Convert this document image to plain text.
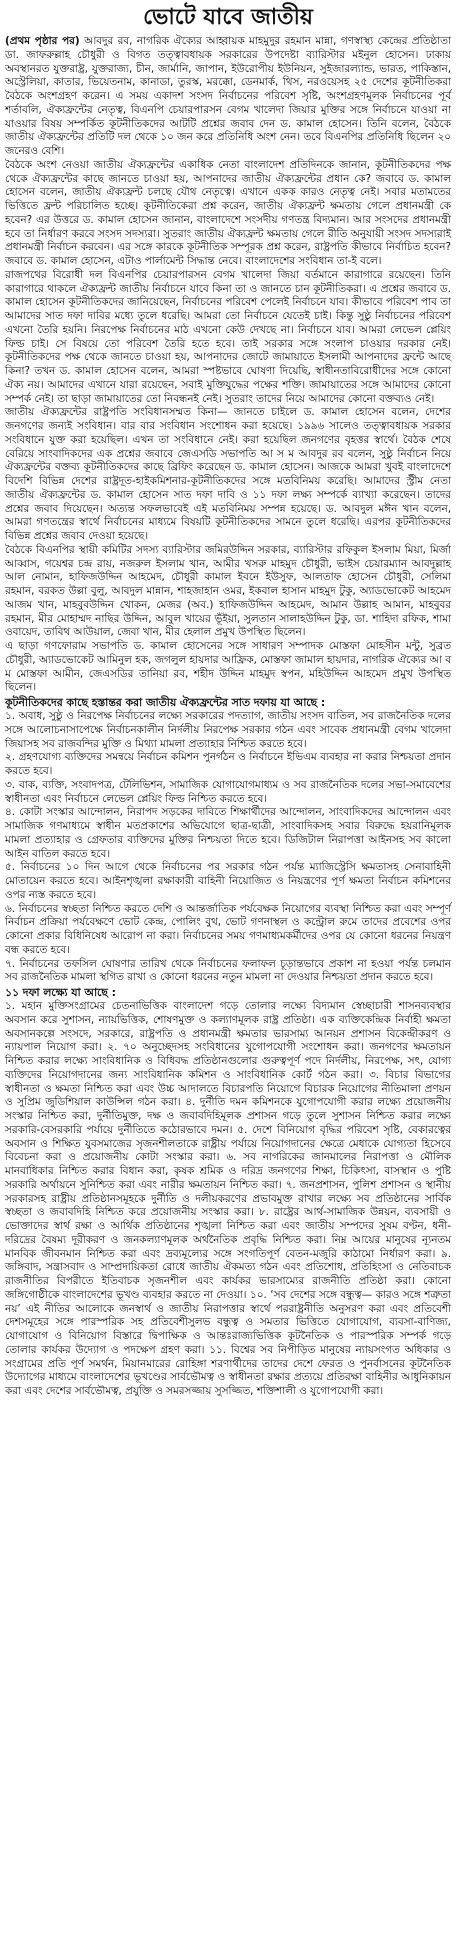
ভোটে যাবে জাতীয়

(প্রথম পৃষ্ঠার পর) আবদুর রব, নাগরিক ঐক্যের আহ্বায়ক মাহমুদুর রহমান মান্না, গণস্বাস্থ্য কেন্দ্রের প্রতিষ্ঠাতা ডা. জাফরুল্লাহ চৌধুরী ও বিগত তত্ত্বাবধায়ক সরকারের উপদেষ্টা ব্যারিস্টার মইনুল হোসেন। ঢাকায় অবস্থানরত যুক্তরাষ্ট্র, যুক্তরাজ্য, চীন, জার্মানি, জাপান, ইউরোপীয় ইউনিয়ন, সুইজারল্যান্ড, ভারত, পাকিস্তান, অস্ট্রেলিয়া, কাতার, ভিয়েতনাম, কানাডা, তুরস্ক, মরক্কো, ডেনমার্ক, থিস, নরওয়েসহ ২৫ দেশের কূটনীতিকরা বৈঠকে অংশগ্রহণ করেন। এ সময় একাদশ সংসদ নির্বাচনের পরিবেশ সৃষ্টি, অংশগ্রহণমূলক নির্বাচনের পূর্ব শর্তাবলি, ঐক্যফ্রন্টের নেতৃত্ব, বিএনপি চেয়ারপারসন বেগম খালেদা জিয়ার মুক্তির সঙ্গে নির্বাচনে যাওয়া না যাওয়ার বিষয় সম্পর্কিত কূটনীতিকদের আটটি প্রশ্নের জবাব দেন ড. কামাল হোসেন। তিনি বলেন, বৈঠকে জাতীয় ঐক্যফ্রন্টের প্রতিটি দল থেকে ১০ জন করে প্রতিনিধি অংশ নেন। তবে বিএনপির প্রতিনিধি ছিলেন ২০ জনেরও বেশি।

বৈঠকে অংশ নেওয়া জাতীয় ঐক্যফ্রন্টের একাধিক নেতা বাংলাদেশ প্রতিদিনকে জানান, কূটনীতিকদের পক্ষ থেকে ঐক্যফ্রন্টের কাছে জানতে চাওয়া হয়, আপনাদের জাতীয় ঐক্যফ্রন্টের প্রধান কে? জবাবে ড. কামাল হোসেন বলেন, জাতীয় ঐক্যফ্রন্ট চলছে যৌথ নেতৃত্বে। এখানে একক কারও নেতৃত্ব নেই। সবার মতামতের ভিত্তিতে ফ্রন্ট পরিচালিত হচ্ছে। কূটনীতিকেরা প্রশ্ন করেন, জাতীয় ঐক্যফ্রন্ট ক্ষমতায় গেলে প্রধানমন্ত্রী কে হবেন? এর উত্তরে ড. কামাল হোসেন জানান, বাংলাদেশে সংসদীয় গণতন্ত্র বিদ্যমান। আর সংসদের প্রধানমন্ত্রী হবে তা নির্ধারণ করবে সংসদ সদস্যরা। সুতরাং জাতীয় ঐক্যফ্রন্ট ক্ষমতায় গেলে রীতি অনুযায়ী সংসদ সদস্যরাই প্রধানমন্ত্রী নির্বাচন করবেন। এর সঙ্গে কারকে কূটনীতিক সম্পূরক প্রশ্ন করেন, রাষ্ট্রপতি কীভাবে নির্বাচিত হবেন? জবাবে ড. কামাল হোসেন, এটাও পার্লামেন্ট সিদ্ধান্ত নেবে। বাংলাদেশের সংবিধান তা-ই বলে।

রাজপথের বিরোধী দল বিএনপির চেয়ারপারসন বেগম খালেদা জিয়া বর্তমানে কারাগারে রয়েছেন। তিনি কারাগারে থাকলে ঐক্যফ্রন্ট জাতীয় নির্বাচনে যাবে কিনা তা ও জানতে চান কূটনীতিকরা। এ প্রশ্নের জবাবে ড. কামাল হোসেন কূটনীতিকদের জানিয়েছেন, নির্বাচনের পরিবেশ পেলেই নির্বাচনে যাব। কীভাবে পরিবেশ পাব তা আমাদের সাত দফা দাবির মধ্যে তুলে ধরেছি। আমরা তো নির্বাচনে যেতেই চাই। কিন্তু সুষ্ঠু নির্বাচনের পরিবেশ এখনো তৈরি হয়নি। নিরপেক্ষ নির্বাচনের মাঠ এখনো কেউ দেখছে না। নির্বাচনে যাব। আমরা লেভেল প্লেয়িং ফিল্ড চাই। সে বিষয়ে তো পরিবেশ তৈরি হতে হবে। তাই সরকার সঙ্গে সংলাপ চাওয়ার দরকার নেই। কূটনীতিকদের পক্ষ থেকে জানতে চাওয়া হয়, আপনাদের জোটে জামায়াতে ইসলামী আপনাদের ফ্রন্টে আছে কিনা? তখন ড. কামাল হোসেন বলেন, আমরা স্পষ্টভাবে ঘোষণা দিয়েছি, স্বাধীনতাবিরোধীদের সঙ্গে কোনো ঐক্য নয়। আমাদের এখানে যারা রয়েছেন, সবাই মুক্তিযুদ্ধের পক্ষের শক্তি। জামায়াতের সঙ্গে আমাদের কোনো সম্পর্ক নেই। তা ছাড়া জামায়াতের তো নিবন্ধনই নেই। সুতরাং তাদের নিয়ে আমাদের কোনো বক্তব্যও নেই।

জাতীয় ঐক্যফ্রন্টের রাষ্ট্রপতি সংবিধানসম্মত কিনা— জানতে চাইলে ড. কামাল হোসেন বলেন, দেশের জনগণের জন্যই সংবিধান। বার বার সংবিধান সংশোধন করা হয়েছে। ১৯৯৬ সালেও তত্ত্বাবধায়ক সরকার সংবিধানে যুক্ত করা হয়েছিল। এখন তা সংবিধানে নেই। করা হয়েছিল জনগণের বৃহত্তর স্বার্থে। বৈঠক শেষে বেরিয়ে সাংবাদিকদের এক প্রশ্নের জবাবে জেএসডি সভাপতি আ স ম আবদুর রব বলেন, সুষ্ঠু নির্বাচন নিয়ে ঐক্যফ্রন্টের বক্তব্য কূটনীতিকদের কাছে ব্রিফিং করেছেন ড. কামাল হোসেন। আজকে আমরা খুবই বাংলাদেশে বিদেশি বিভিন্ন দেশের রাষ্ট্রদূত-হাইকমিশনার-কূটনীতিকদের সঙ্গে মতবিনিময় করেছি। আমাদের স্ট্রীম নেতা জাতীয় ঐক্যফ্রন্টের ড. কামাল হোসেন সাত দফা দাবি ও ১১ দফা লক্ষ্য সম্পর্কে ব্যাখ্যা করেছেন। তাদের প্রশ্নের জবাব দিয়েছেন। অত্যন্ত সফলভাবেই এই মতবিনিময় সম্পন্ন হয়েছে। ড. আবদুল মঈন খান বলেন, আমরা গণতন্ত্রের স্বার্থে নির্বাচনের মাধ্যমে বিষয়টি কূটনীতিকদের সামনে তুলে ধরেছি। এরপর কূটনীতিকদের বিভিন্ন প্রশ্নের জবাব দেওয়া হয়েছে।

বৈঠকে বিএনপির স্থায়ী কমিটির সদস্য ব্যারিস্টার জমিরউদ্দিন সরকার, ব্যারিস্টার রফিকুল ইসলাম মিয়া, মির্জা আব্বাস, গয়েশ্বর চন্দ্র রায়, নজরুল ইসলাম খান, আমীর খসরু মাহমুদ চৌধুরী, ভাইস চেয়ারম্যান আবদুল্লাহ আল নোমান, হাফিজউদ্দিন আহমেদ, চৌধুরী কামাল ইবনে ইউসুফ, আলতাফ হোসেন চৌধুরী, সেলিমা রহমান, বরকত উল্লা বুলু, আবদুল মান্নান, শাহজাহান ওমর, ইকবাল হাসান মাহমুদ টুকু, অ্যাডভোকেট আহমেদ আজম খান, মাহবুবউদ্দিন খোকন, মেজর (অব.) হাফিজউদ্দিন আহমেদ, আমান উল্লাহ আমান, মাহবুবর রহমান, মীর মোহাম্মদ নাছির উদ্দিন, আবুল খায়ের ভূঁইয়া, সুলতান সালাহউদ্দিন টুকু, ডা. শাহিদা রফিক, শামা ওবায়েদ, তাবিথ আউয়াল, জেবা খান, মীর হেলাল প্রমুখ উপস্থিত ছিলেন।

এ ছাড়া গণফোরাম সভাপতি ড. কামাল হোসেনের সঙ্গে সাধারণ সম্পাদক মোস্তফা মোহসীন মন্টু, সুব্রত চৌধুরী, অ্যাডভোকেট আমিনুল হক, জগলুল হায়দার আফ্রিক, মোস্তফা জামাল হায়দার, নাগরিক ঐক্যের আ ব ম মোস্তফা আমীন, জেএসডির তানিয়া রব, শহীদ উদ্দিন মাহমুদ স্বপন, মহিউদ্দিন আহমেদ প্রমুখ উপস্থিত ছিলেন।

কূটনীতিকদের কাছে হস্তান্তর করা জাতীয় ঐক্যফ্রন্টের সাত দফায় যা আছে :

১. অবাধ, সুষ্ঠু ও নিরপেক্ষ নির্বাচনের লক্ষ্যে সরকারের পদত্যাগ, জাতীয় সংসদ বাতিল, সব রাজনৈতিক দলের সঙ্গে আলোচনাসাপেক্ষে নির্বাচনকালীন নির্দলীয় নিরপেক্ষ সরকার গঠন এবং সাবেক প্রধানমন্ত্রী বেগম খালেদা জিয়াসহ সব রাজবন্দির মুক্তি ও মিথ্যা মামলা প্রত্যাহার নিশ্চিত করতে হবে।

২. গ্রহণযোগ্য ব্যক্তিদের সমন্বয়ে নির্বাচন কমিশন পুনর্গঠন ও নির্বাচনে ইভিএম ব্যবহার না করার নিশ্চয়তা প্রদান করতে হবে।

৩. বাক, ব্যক্তি, সংবাদপত্র, টেলিভিশন, সামাজিক যোগাযোগমাধ্যম ও সব রাজনৈতিক দলের সভা-সমাবেশের স্বাধীনতা এবং নির্বাচনে লেভেল প্লেয়িং ফিল্ড নিশ্চিত করতে হবে।

৪. কোটা সংস্কার আন্দোলন, নিরাপদ সড়কের দাবিতে শিক্ষার্থীদের আন্দোলন, সাংবাদিকদের আন্দোলন এবং সামাজিক গণমাধ্যমে স্বাধীন মতপ্রকাশের অভিযোগে ছাত্র-ছাত্রী, সাংবাদিকসহ সবার বিরুদ্ধে হয়রানিমূলক মামলা প্রত্যাহার ও গ্রেফতার ব্যক্তিদের মুক্তির নিশ্চয়তা দিতে হবে। ডিজিটাল নিরাপত্তা আইনসহ সব কালো আইন বাতিল করতে হবে।

৫. নির্বাচনের ১০ দিন আগে থেকে নির্বাচনের পর সরকার গঠন পর্যন্ত ম্যাজিস্ট্রেসি ক্ষমতাসহ সেনাবাহিনী মোতায়েন করতে হবে। আইনশৃঙ্খলা রক্ষাকারী বাহিনী নিয়োজিত ও নিয়ন্ত্রণের পূর্ণ ক্ষমতা নির্বাচন কমিশনের ওপর ন্যস্ত করতে হবে।

৬. নির্বাচনের স্বচ্ছতা নিশ্চিত করতে দেশি ও আন্তর্জাতিক পর্যবেক্ষক নিয়োগের ব্যবস্থা নিশ্চিত করা এবং সম্পূর্ণ নির্বাচন প্রক্রিয়া পর্যবেক্ষণে ভোট কেন্দ্র, পোলিং বুথ, ভোট গণনাস্থল ও কন্ট্রোল রুমে তাদের প্রবেশের ওপর কোনো প্রকার বিধিনিষেধ আরোপ না করা। নির্বাচনের সময় গণমাধ্যমকর্মীদের ওপর যে কোনো ধরনের নিয়ন্ত্রণ বন্ধ করতে হবে।

৭. নির্বাচনের তফসিল ঘোষণার তারিখ থেকে নির্বাচনের ফলাফল চূড়ান্তভাবে প্রকাশ না হওয়া পর্যন্ত চলমান সব রাজনৈতিক মামলা স্থগিত রাখা ও কোনো ধরনের নতুন মামলা না দেওয়ার নিশ্চয়তা প্রদান করতে হবে।

১১ দফা লক্ষ্যে যা আছে :

১. মহান মুক্তিসংগ্রামের চেতনাভিত্তিক বাংলাদেশ গড়ে তোলার লক্ষ্যে বিদ্যমান স্বেচ্ছাচারী শাসনব্যবস্থার অবসান করে সুশাসন, ন্যায়ভিত্তিক, শোষণমুক্ত ও কল্যাণমূলক রাষ্ট্র প্রতিষ্ঠা। এক ব্যক্তিকেন্দ্রিক নির্বাহী ক্ষমতা অবসানকল্পে সংসদে, সরকারে, রাষ্ট্রপতি ও প্রধানমন্ত্রী ক্ষমতার ভারসাম্য আনয়ন প্রশাসন বিকেন্দ্রীকরণ ও ন্যায়পাল নিয়োগ করা। ২. ৭০ অনুচ্ছেদসহ সংবিধানের যুগোপযোগী সংশোধন করা। জনগণের ক্ষমতায়ন নিশ্চিত করার লক্ষ্যে সাংবিধানিক ও বিধিবদ্ধ প্রতিষ্ঠানগুলোর গুরুত্বপূর্ণ পদে নির্দলীয়, নিরপেক্ষ, সৎ, যোগ্য ব্যক্তিদের নিয়োগদানের জন্য সাংবিধানিক কমিশন ও সাংবিধানিক কোর্ট গঠন করা। ৩. বিচার বিভাগের স্বাধীনতা ও ক্ষমতা নিশ্চিত করা এবং উচ্চ আদালতে বিচারপতি নিয়োগে বিচারক নিয়োগের নীতিমালা প্রণয়ন ও সুপ্রিম জুডিশিয়াল কাউন্সিল গঠন করা। ৪. দুর্নীতি দমন কমিশনকে যুগোপযোগী করার লক্ষ্যে প্রয়োজনীয় সংস্কার নিশ্চিত করা, দুর্নীতিমুক্ত, দক্ষ ও জবাবদিহিমূলক প্রশাসন গড়ে তুলে সুশাসন নিশ্চিত করার লক্ষ্যে সরকারি-বেসরকারি পর্যায়ে দুর্নীতিতে কঠোরভাবে দমন। ৫. দেশে বিনিয়োগ বৃদ্ধির পরিবেশ সৃষ্টি, বেকারত্বের অবসান ও শিক্ষিত যুবসমাজের সৃজনশীলতাকে রাষ্ট্রীয় পর্যায়ে নিয়োগদানের ক্ষেত্রে মেধাকে যোগ্যতা হিসেবে বিবেচনা করা ও প্রয়োজনীয় কোটা সংস্কার করা। ৬. সব নাগরিকের জানমালের নিরাপত্তা ও মৌলিক মানবাধিকার নিশ্চিত করার বিধান করা, কৃষক শ্রমিক ও দরিদ্র জনগণের শিক্ষা, চিকিৎসা, বাসস্থান ও পুষ্টি সরকারি অর্থায়নে সুনিশ্চিত করা এবং নারীর ক্ষমতায়ন নিশ্চিত করা। ৭. জনপ্রশাসন, পুলিশ প্রশাসন ও স্থানীয় সরকারসহ রাষ্ট্রীয় প্রতিষ্ঠানসমূহকে দুর্নীতি ও দলীয়করণের প্রভাবমুক্ত রাখার লক্ষ্যে সব প্রতিষ্ঠানের সার্বিক স্বচ্ছতা ও জবাবদিহি নিশ্চিত করে প্রয়োজনীয় সংস্কার করা। ৮. রাষ্ট্রের আর্থ-সামাজিক উন্নয়ন, ব্যবসায়ী ও ভোক্তাদের স্বার্থ রক্ষা ও আর্থিক প্রতিষ্ঠানের শৃঙ্খলা নিশ্চিত করা এবং জাতীয় সম্পদের সুষম বণ্টন, ধনী-দরিদ্রের বৈষম্য দূরীকরণ ও জনকল্যাণমূলক অর্থনৈতিক প্রবৃদ্ধি নিশ্চিত করা। নিম্ন আয়ের মানুষের ন্যূনতম মানবিক জীবনমান নিশ্চিত করা এবং দ্রব্যমূল্যের সঙ্গে সংগতিপূর্ণ বেতন-মজুরি কাঠামো নির্ধারণ করা। ৯. জঙ্গিবাদ, সন্ত্রাসবাদ ও সাম্প্রদায়িকতা রোধে জাতীয় ঐকমত্য গঠন এবং প্রতিশোধ, প্রতিহিংসা ও নেতিবাচক রাজনীতির বিপরীতে ইতিবাচক সৃজনশীল এবং কার্যকর ভারসাম্যের রাজনীতি প্রতিষ্ঠা করা। কোনো জঙ্গিগোষ্ঠীকে বাংলাদেশের ভূখণ্ড ব্যবহার করতে না দেওয়া। ১০. ‘সব দেশের সঙ্গে বন্ধুত্ব— কারও সঙ্গে শত্রুতা নয়’ এই নীতির আলোকে জনস্বার্থ ও জাতীয় নিরাপত্তার স্বার্থে পররাষ্ট্রনীতি অনুসরণ করা এবং প্রতিবেশী দেশসমূহের সঙ্গে পারস্পরিক সহ প্রতিবেশীসুলভ বন্ধুত্ব ও সমতার ভিত্তিতে যোগাযোগ, ব্যবসা-বাণিজ্য, যোগাযোগ ও বিনিয়োগ বিস্তারে দ্বিপাক্ষিক ও আন্তঃরাজ্যভিত্তিক কূটনৈতিক ও পারস্পরিক সম্পর্ক গড়ে তোলার কার্যকর উদ্যোগ ও পদক্ষেপ গ্রহণ করা। ১১. বিশ্বের সব নিপীড়িত মানুষের ন্যায়সংগত অধিকার ও সংগ্রামের প্রতি পূর্ণ সমর্থন, মিয়ানমারের রোহিঙ্গা শরণার্থীদের তাদের দেশে ফেরত ও পুনর্বাসনের কূটনৈতিক উদ্যোগের মাধ্যমে বাংলাদেশের ভূখণ্ডের সার্বভৌমত্ব ও স্বাধীনতা রক্ষার প্রত্যয়ে প্রতিরক্ষা বাহিনীর আধুনিকায়ন করা এবং দেশের সার্বভৌমত্ব, প্রযুক্তি ও সমরসজ্জায় সুসজ্জিত, শক্তিশালী ও যুগোপযোগী করা।
